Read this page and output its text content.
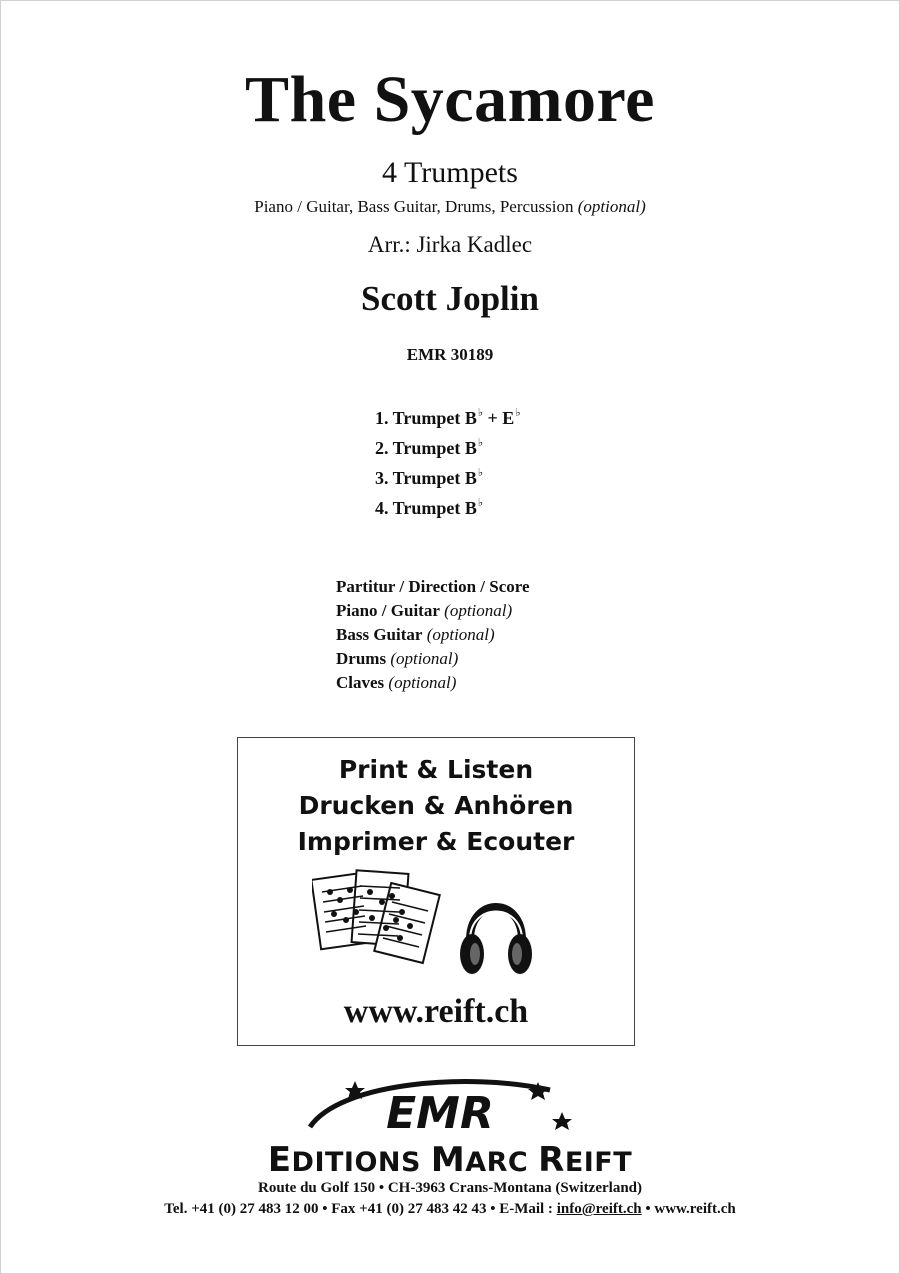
The Sycamore
4 Trumpets
Piano / Guitar, Bass Guitar, Drums, Percussion (optional)
Arr.: Jirka Kadlec
Scott Joplin
EMR 30189
1. Trumpet B♭ + E♭
2. Trumpet B♭
3. Trumpet B♭
4. Trumpet B♭
Partitur / Direction / Score
Piano / Guitar (optional)
Bass Guitar (optional)
Drums (optional)
Claves (optional)
Print & Listen
Drucken & Anhören
Imprimer & Ecouter
www.reift.ch
EMR
EDITIONS MARC REIFT
Route du Golf 150 • CH-3963 Crans-Montana (Switzerland)
Tel. +41 (0) 27 483 12 00 • Fax +41 (0) 27 483 42 43 • E-Mail : info@reift.ch • www.reift.ch
